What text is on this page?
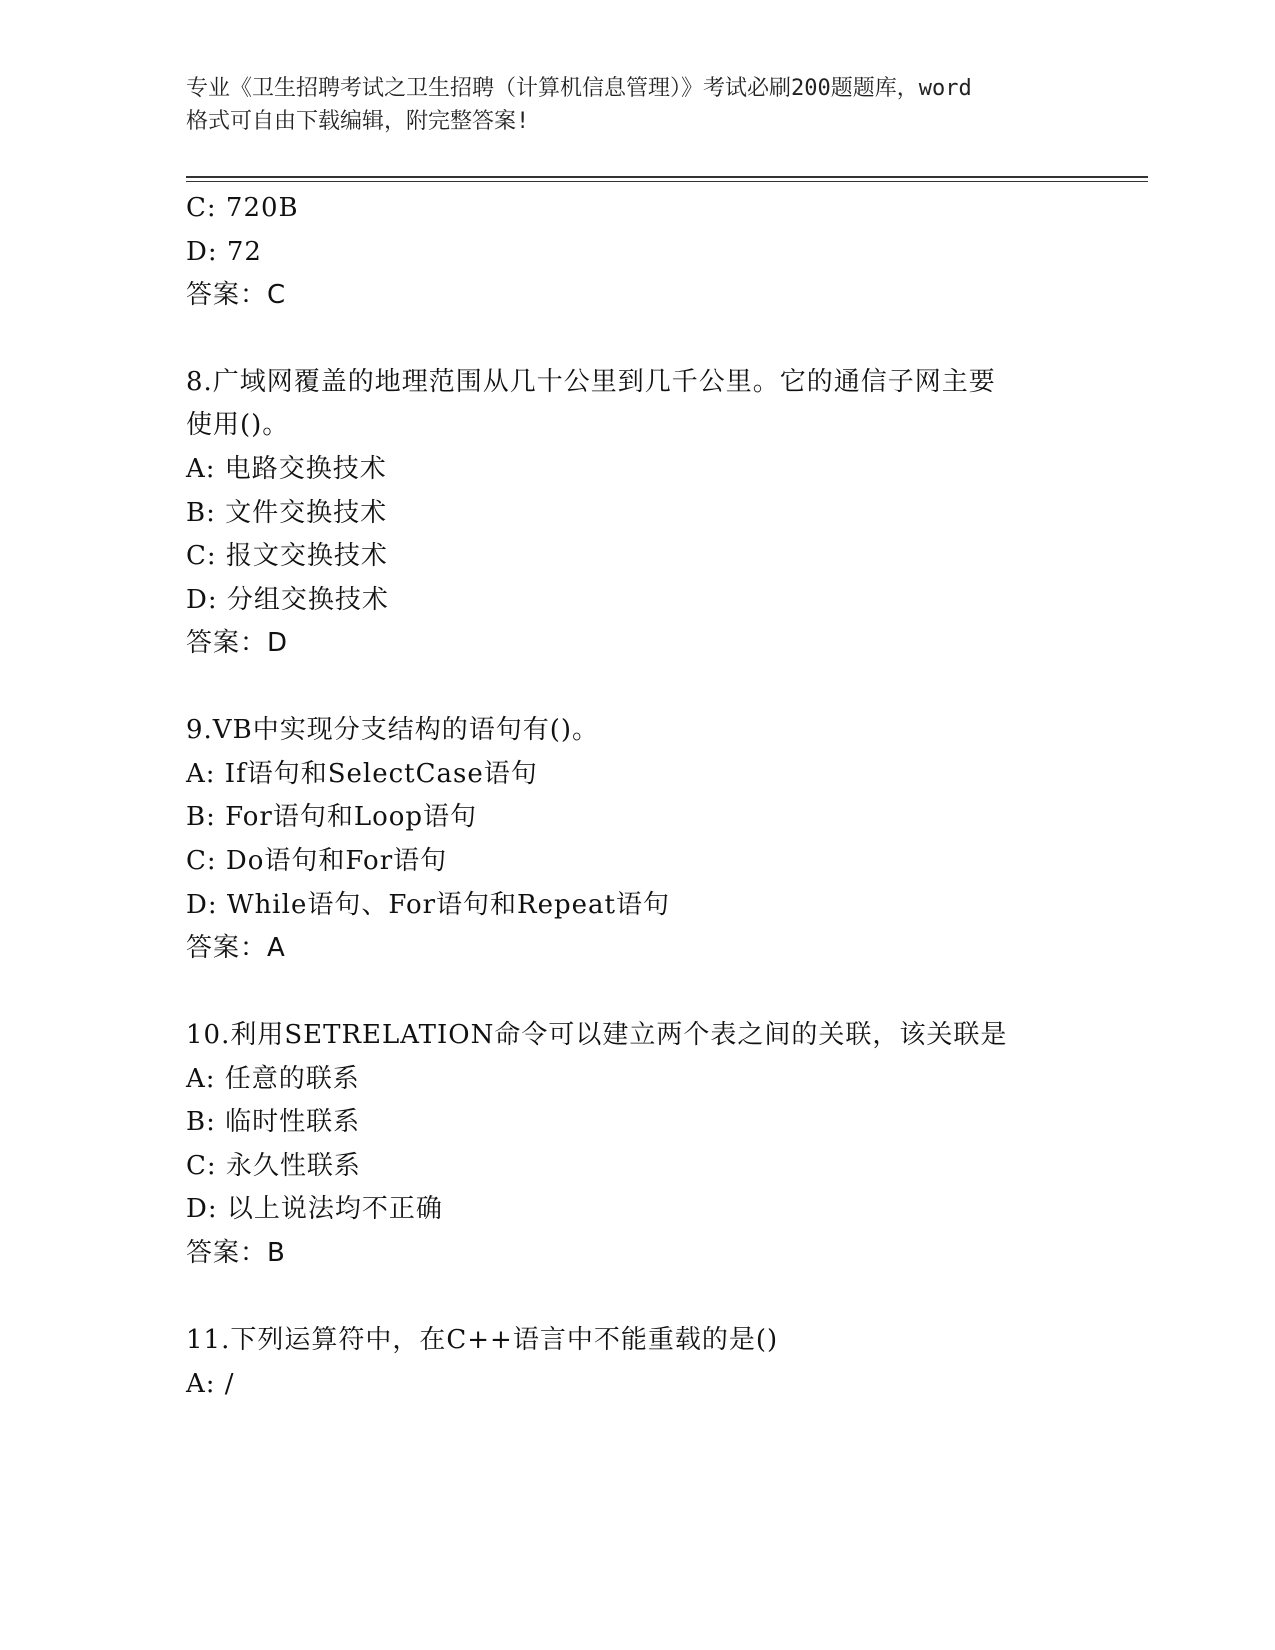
专业《卫生招聘考试之卫生招聘（计算机信息管理）》考试必刷200题题库，word
格式可自由下载编辑，附完整答案!
C: 720B
D: 72
答案：C
8.广域网覆盖的地理范围从几十公里到几千公里。它的通信子网主要
使用()。
A: 电路交换技术
B: 文件交换技术
C: 报文交换技术
D: 分组交换技术
答案：D
9.VB中实现分支结构的语句有()。
A: If语句和SelectCase语句
B: For语句和Loop语句
C: Do语句和For语句
D: While语句、For语句和Repeat语句
答案：A
10.利用SETRELATION命令可以建立两个表之间的关联，该关联是
A: 任意的联系
B: 临时性联系
C: 永久性联系
D: 以上说法均不正确
答案：B
11.下列运算符中，在C++语言中不能重载的是()
A: /
